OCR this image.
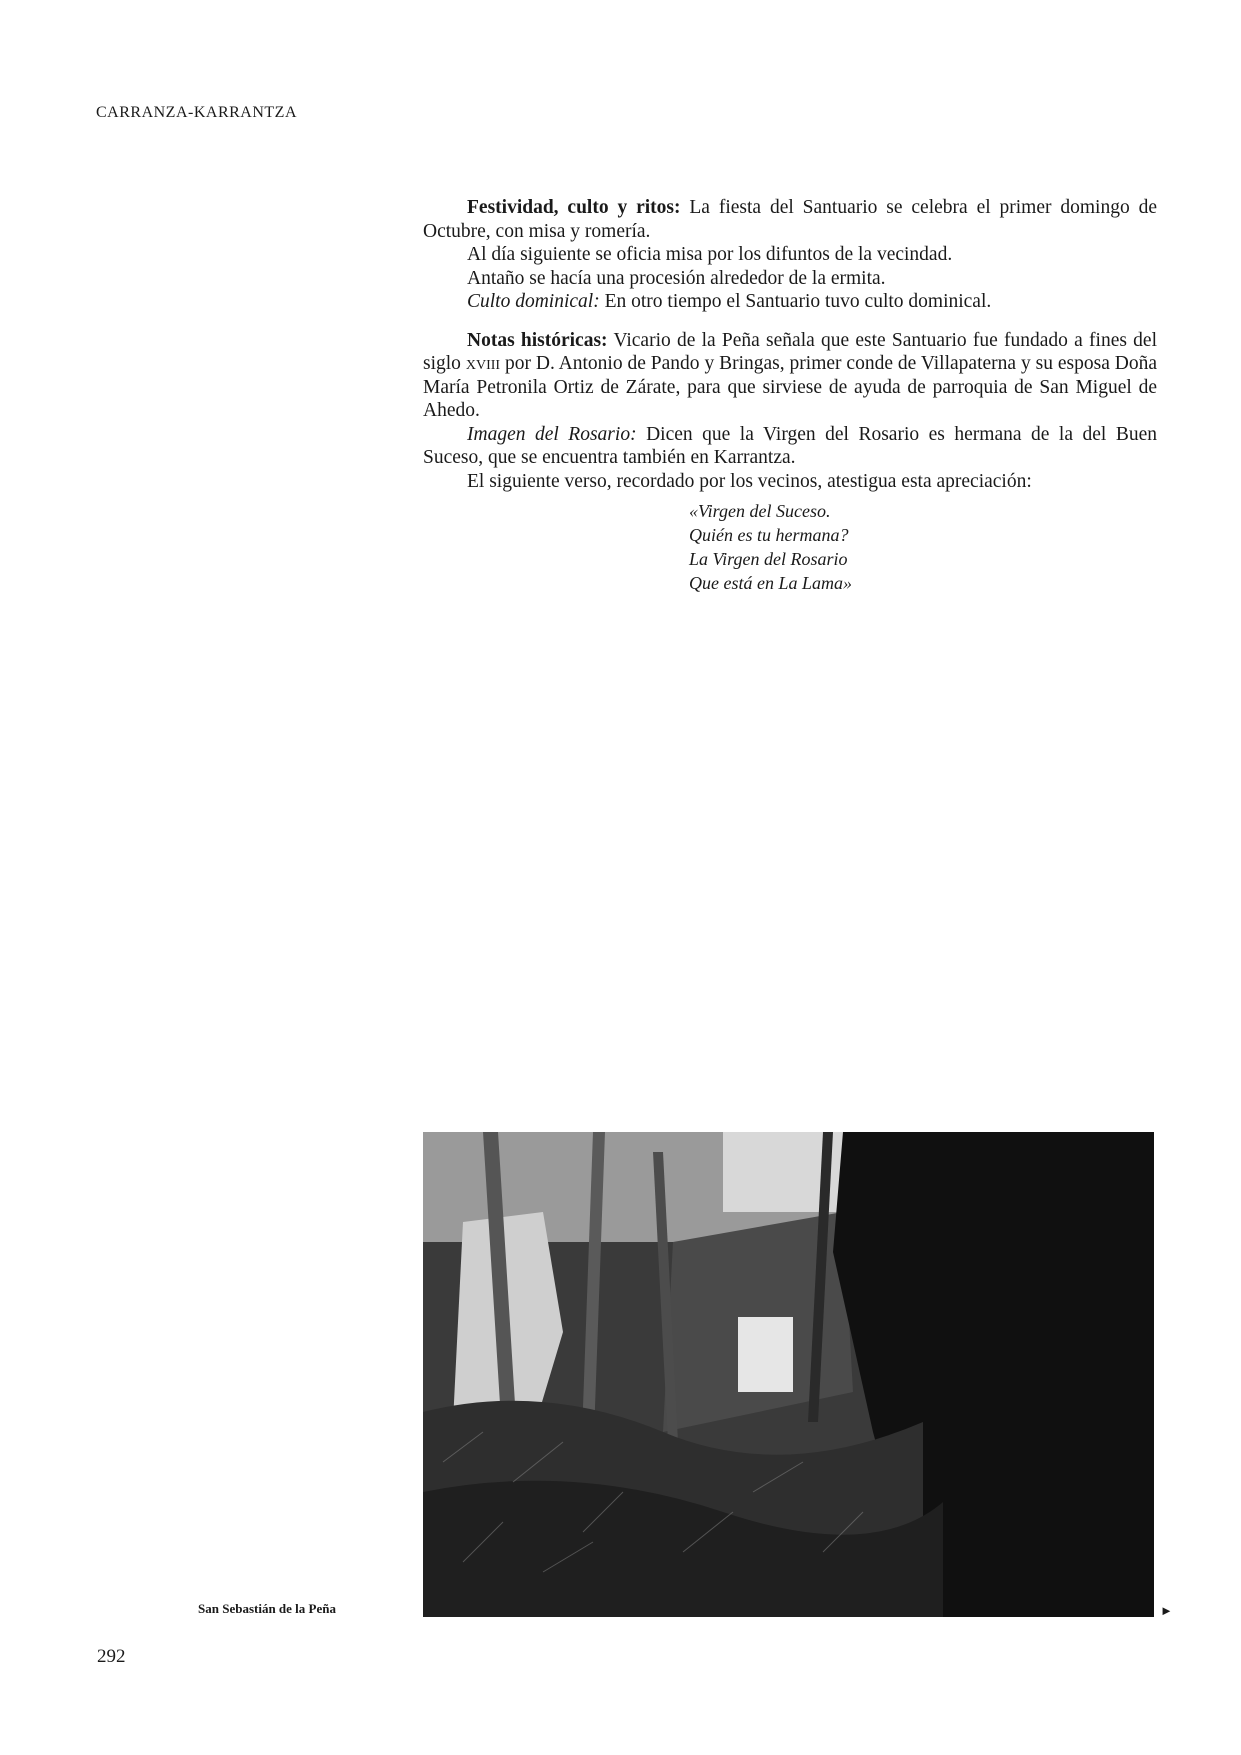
CARRANZA-KARRANTZA

Festividad, culto y ritos: La fiesta del Santuario se celebra el primer domingo de Octubre, con misa y romería.

Al día siguiente se oficia misa por los difuntos de la vecindad.

Antaño se hacía una procesión alrededor de la ermita.

Culto dominical: En otro tiempo el Santuario tuvo culto dominical.

Notas históricas: Vicario de la Peña señala que este Santuario fue fundado a fines del siglo xviii por D. Antonio de Pando y Bringas, primer conde de Villapaterna y su esposa Doña María Petronila Ortiz de Zárate, para que sirviese de ayuda de parroquia de San Miguel de Ahedo.

Imagen del Rosario: Dicen que la Virgen del Rosario es hermana de la del Buen Suceso, que se encuentra también en Karrantza.

El siguiente verso, recordado por los vecinos, atestigua esta apreciación:

«Virgen del Suceso.
Quién es tu hermana?
La Virgen del Rosario
Que está en La Lama»
San Sebastián de la Peña	►
292
